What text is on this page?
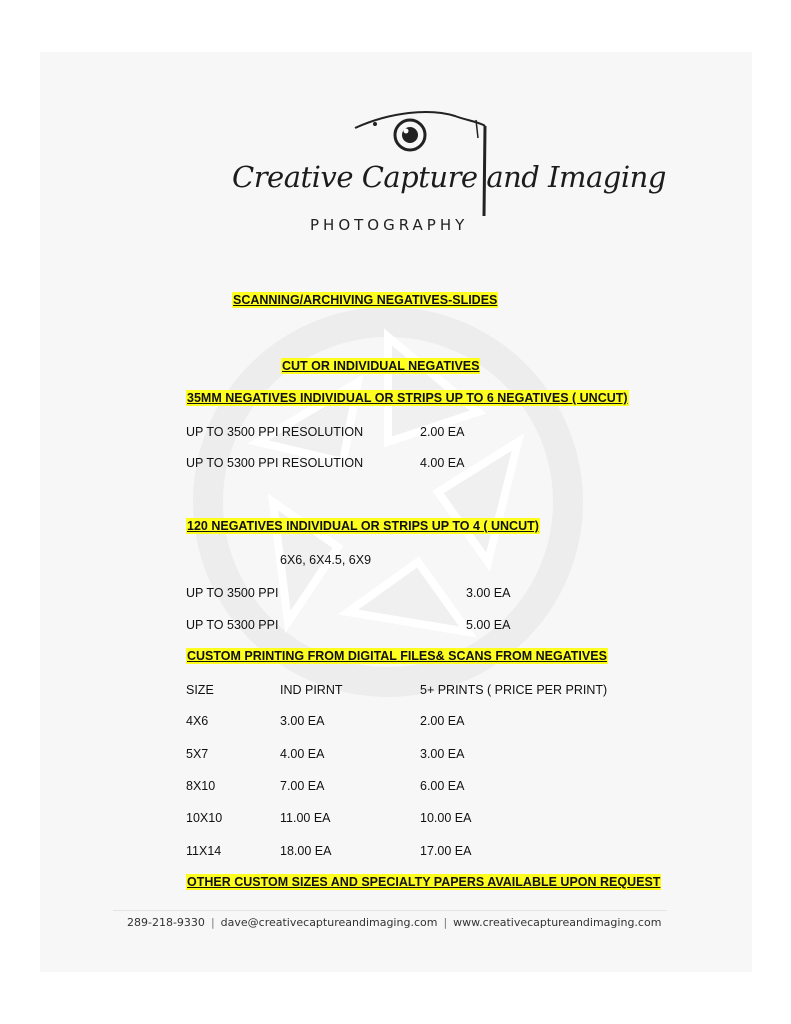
Creative Capture and Imaging
PHOTOGRAPHY
SCANNING/ARCHIVING NEGATIVES-SLIDES
CUT OR INDIVIDUAL NEGATIVES
35MM NEGATIVES INDIVIDUAL OR STRIPS UP TO 6 NEGATIVES ( UNCUT)
UP TO 3500 PPI RESOLUTION	2.00 EA
UP TO 5300 PPI RESOLUTION	4.00 EA
120 NEGATIVES INDIVIDUAL OR STRIPS UP TO 4 ( UNCUT)
6X6, 6X4.5, 6X9
UP TO 3500 PPI	3.00 EA
UP TO 5300 PPI	5.00 EA
CUSTOM PRINTING FROM DIGITAL FILES& SCANS FROM NEGATIVES
SIZE	IND PIRNT	5+ PRINTS ( PRICE PER PRINT)
4X6	3.00 EA	2.00 EA
5X7	4.00 EA	3.00 EA
8X10	7.00 EA	6.00 EA
10X10	11.00 EA	10.00 EA
11X14	18.00 EA	17.00 EA
OTHER CUSTOM SIZES AND SPECIALTY PAPERS AVAILABLE UPON REQUEST
289-218-9330 | dave@creativecaptureandimaging.com | www.creativecaptureandimaging.com
